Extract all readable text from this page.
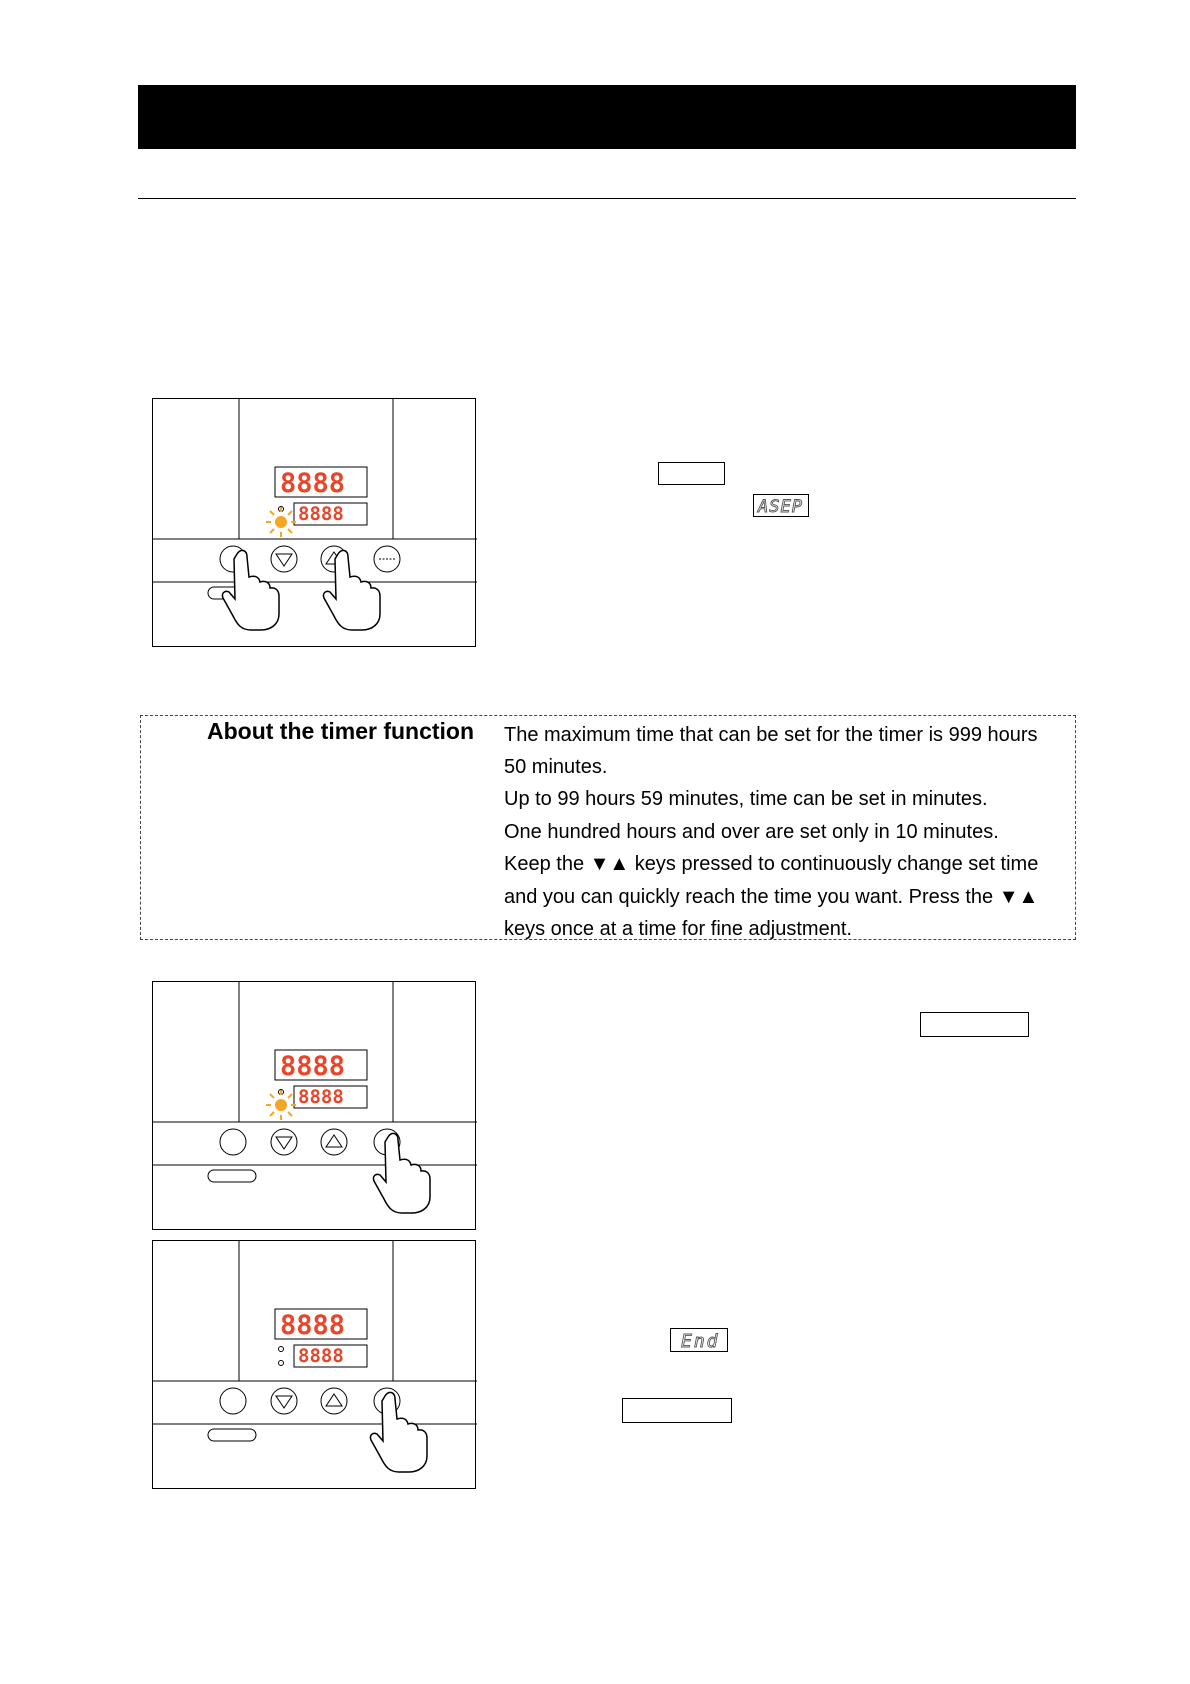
8888
8888	ASEP
About the timer function The maximum time that can be set for the timer is 999 hours
50 minutes.
Up to 99 hours 59 minutes, time can be set in minutes.
One hundred hours and over are set only in 10 minutes.
Keep the ▼▲ keys pressed to continuously change set time
and you can quickly reach the time you want. Press the ▼▲
keys once at a time for fine adjustment.
8888
8888
8888
8888
End
